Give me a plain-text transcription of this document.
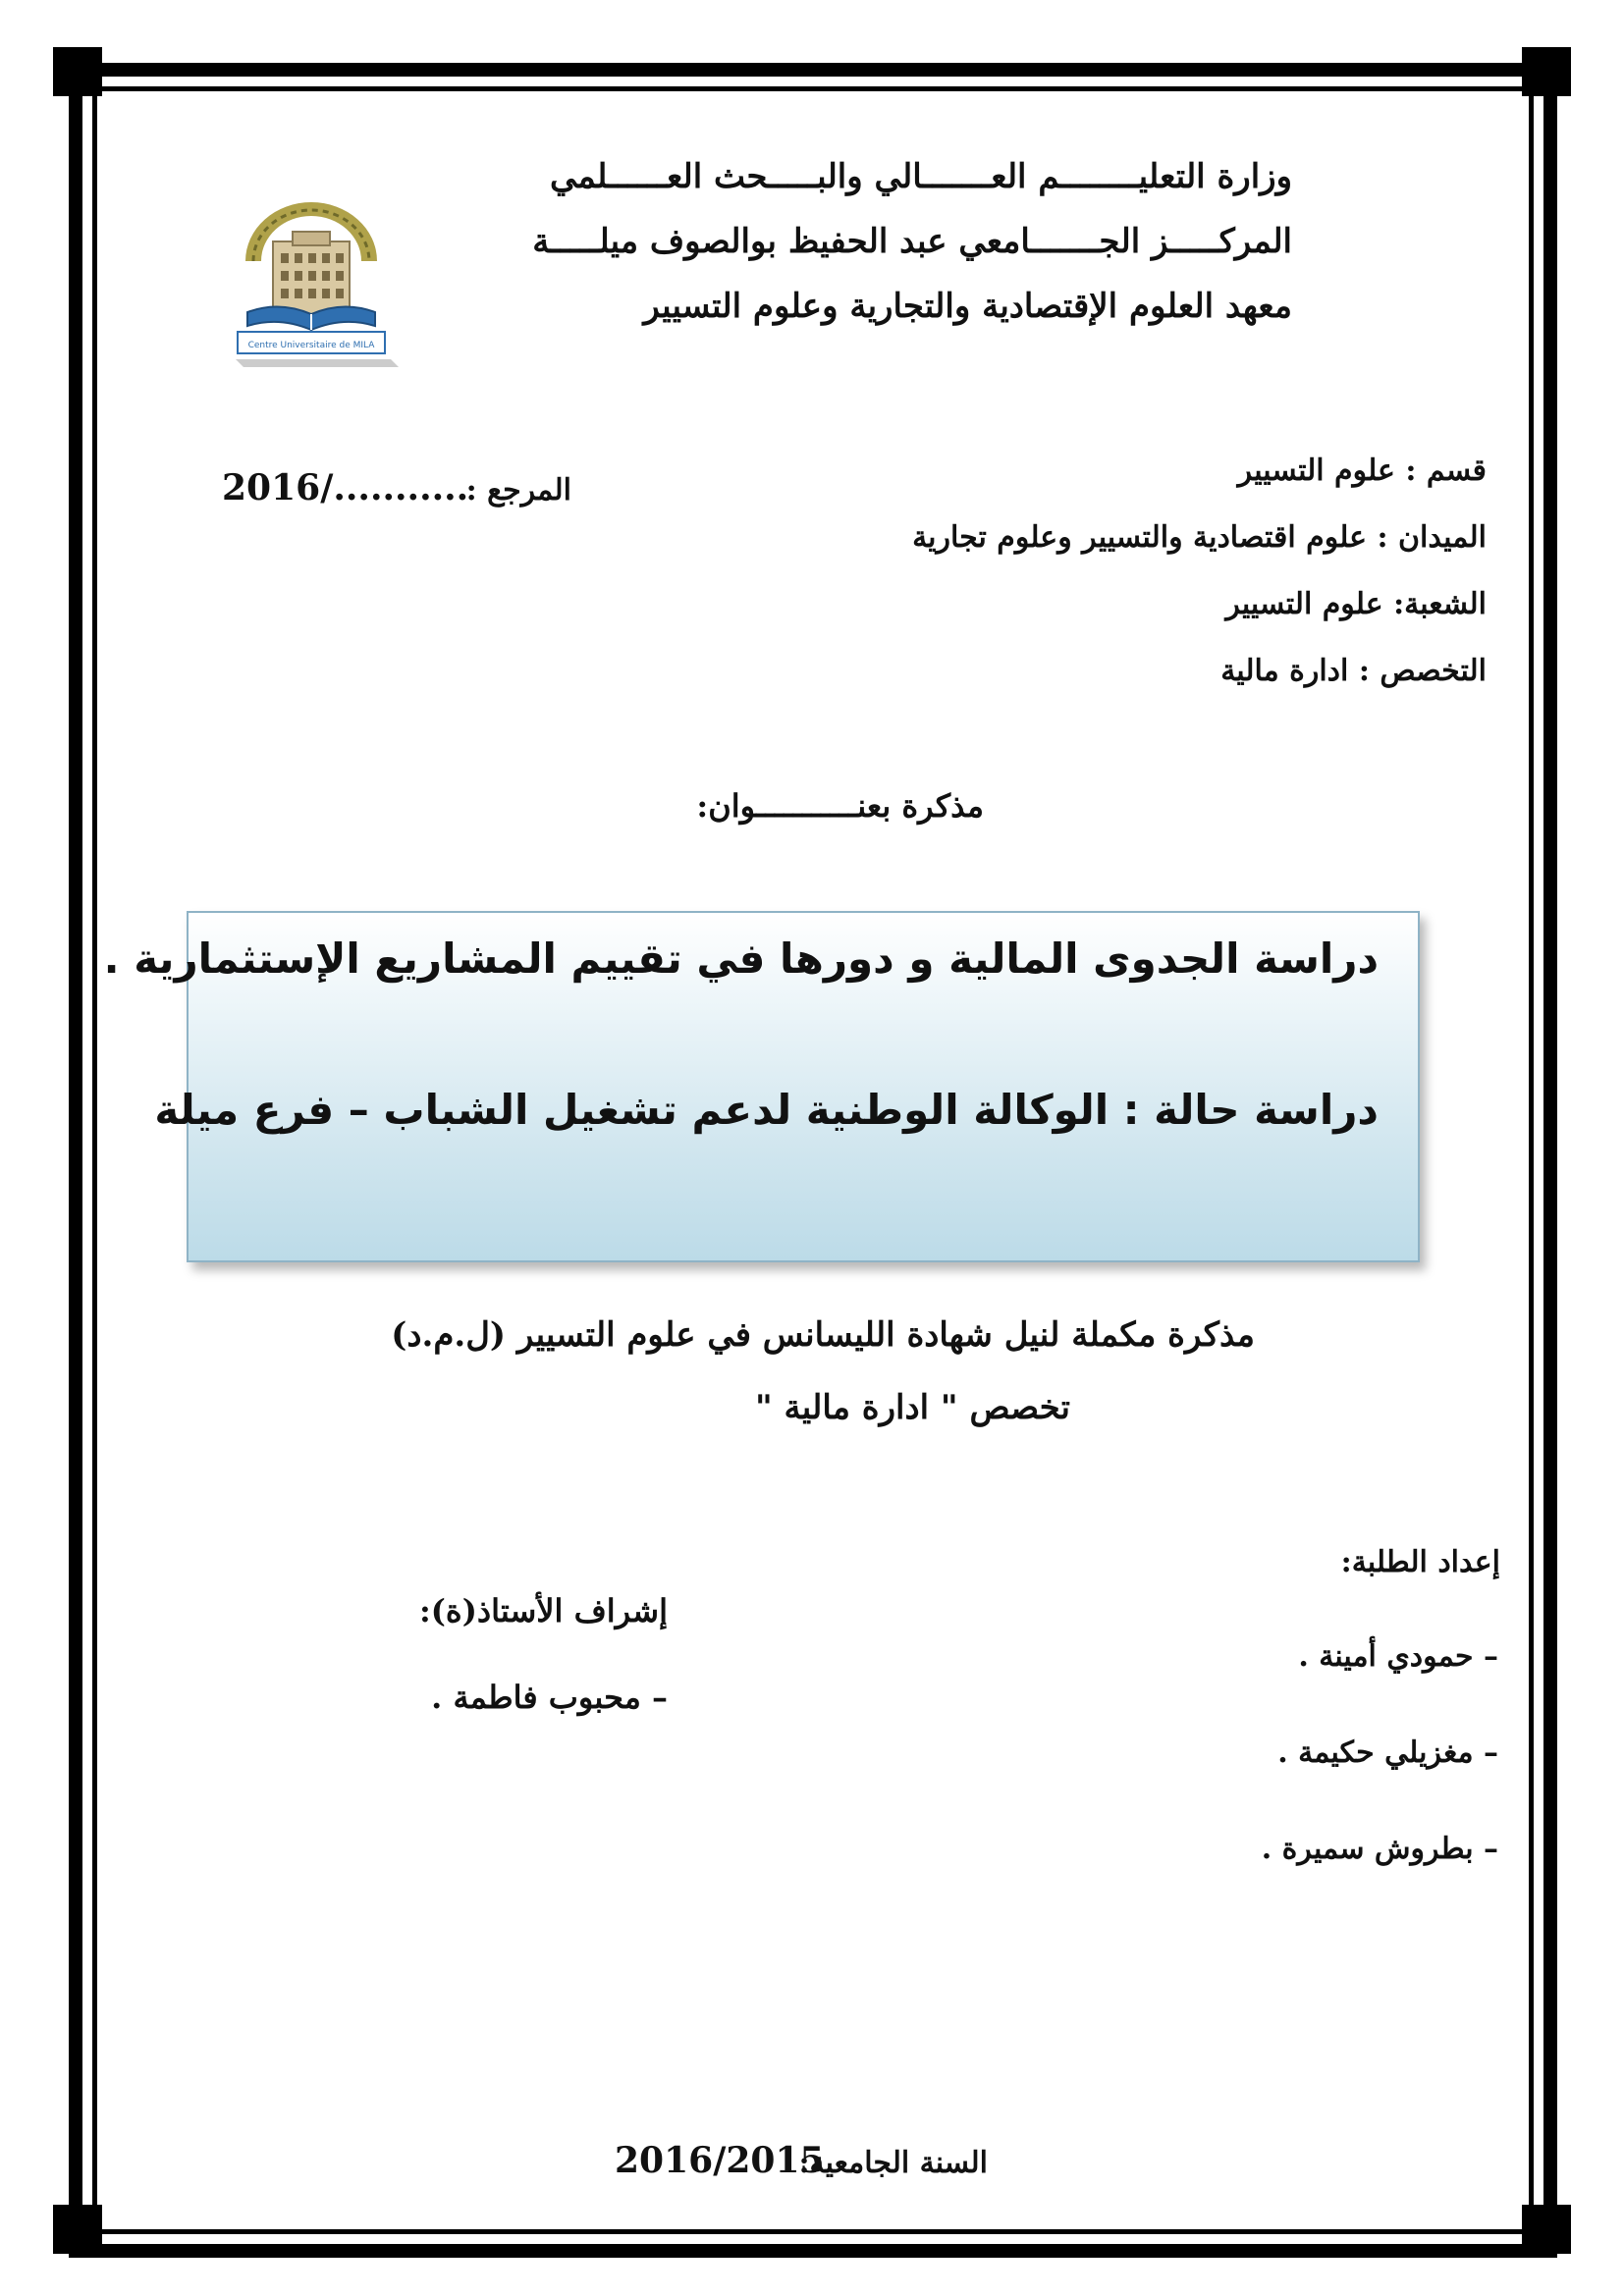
وزارة التعليــــــــم العـــــــالي والبـــــحث العــــــلمي
المركـــــز الجـــــــامعي عبد الحفيظ بوالصوف ميلـــــة
معهد العلوم الإقتصادية والتجارية وعلوم التسيير
Centre Universitaire de MILA
قسم : علوم التسيير
الميدان : علوم اقتصادية والتسيير وعلوم تجارية
الشعبة: علوم التسيير
التخصص : ادارة مالية
المرجع :
2016/...........
مذكرة بعنـــــــــــوان:
دراسة الجدوى المالية و دورها في تقييم المشاريع الإستثمارية .
دراسة حالة : الوكالة الوطنية لدعم تشغيل الشباب – فرع ميلة
مذكرة مكملة لنيل شهادة الليسانس في علوم التسيير (ل.م.د)
تخصص " ادارة مالية "
إعداد الطلبة:
– حمودي أمينة .
– مغزيلي حكيمة .
– بطروش سميرة .
إشراف الأستاذ(ة):
– محبوب فاطمة .
السنة الجامعية:
2016/2015
